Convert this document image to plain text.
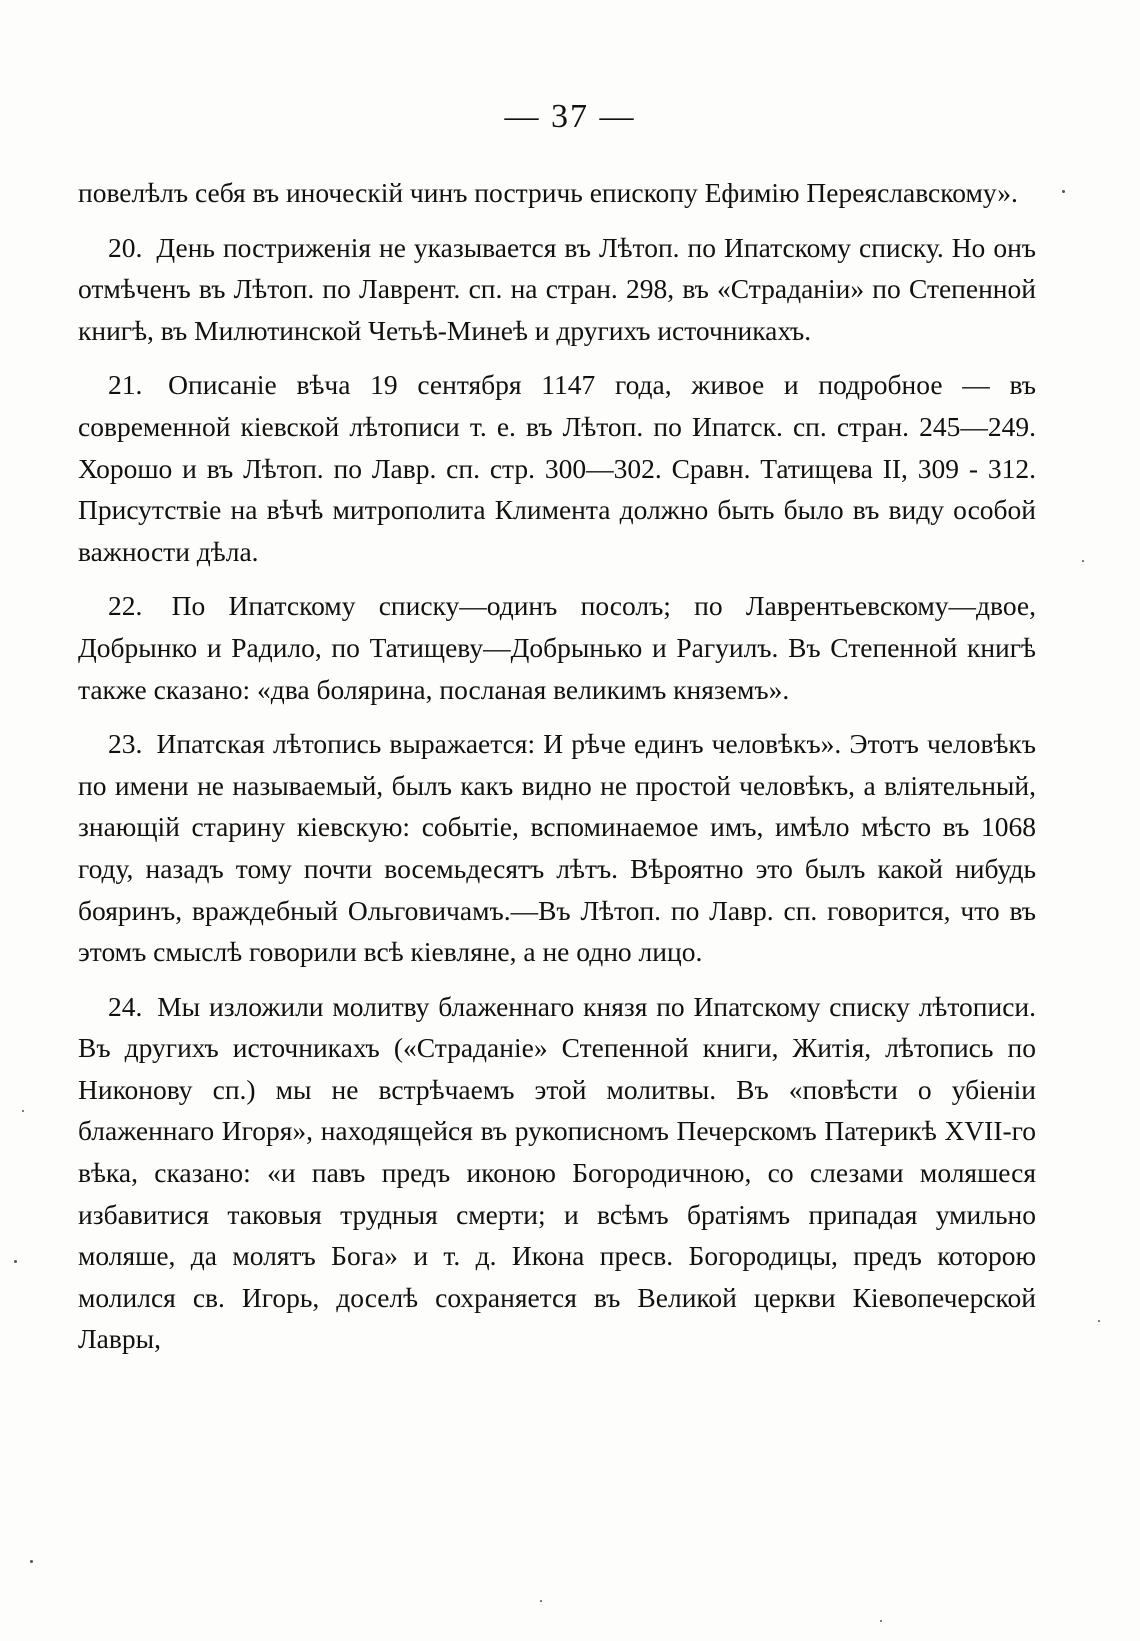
— 37 —

повелѣлъ себя въ иноческій чинъ постричь епископу Ефимію Переяславскому».

20. День постриженія не указывается въ Лѣтоп. по Ипатскому списку. Но онъ отмѣченъ въ Лѣтоп. по Лаврент. сп. на стран. 298, въ «Страданіи» по Степенной книгѣ, въ Милютинской Четьѣ-Минеѣ и другихъ источникахъ.

21. Описаніе вѣча 19 сентября 1147 года, живое и подробное — въ современной кіевской лѣтописи т. е. въ Лѣтоп. по Ипатск. сп. стран. 245—249. Хорошо и въ Лѣтоп. по Лавр. сп. стр. 300—302. Сравн. Татищева II, 309 - 312. Присутствіе на вѣчѣ митрополита Климента должно быть было въ виду особой важности дѣла.

22. По Ипатскому списку—одинъ посолъ; по Лаврентьевскому—двое, Добрынко и Радило, по Татищеву—Добрынько и Рагуилъ. Въ Степенной книгѣ также сказано: «два болярина, посланая великимъ княземъ».

23. Ипатская лѣтопись выражается: И рѣче единъ человѣкъ». Этотъ человѣкъ по имени не называемый, былъ какъ видно не простой человѣкъ, а вліятельный, знающій старину кіевскую: событіе, вспоминаемое имъ, имѣло мѣсто въ 1068 году, назадъ тому почти восемьдесятъ лѣтъ. Вѣроятно это былъ какой нибудь бояринъ, враждебный Ольговичамъ.—Въ Лѣтоп. по Лавр. сп. говорится, что въ этомъ смыслѣ говорили всѣ кіевляне, а не одно лицо.

24. Мы изложили молитву блаженнаго князя по Ипатскому списку лѣтописи. Въ другихъ источникахъ («Страданіе» Степенной книги, Житія, лѣтопись по Никонову сп.) мы не встрѣчаемъ этой молитвы. Въ «повѣсти о убіеніи блаженнаго Игоря», находящейся въ рукописномъ Печерскомъ Патерикѣ XVII-го вѣка, сказано: «и павъ предъ иконою Богородичною, со слезами моляшеся избавитися таковыя трудныя смерти; и всѣмъ братіямъ припадая умильно моляше, да молятъ Бога» и т. д. Икона пресв. Богородицы, предъ которою молился св. Игорь, доселѣ сохраняется въ Великой церкви Кіевопечерской Лавры,
